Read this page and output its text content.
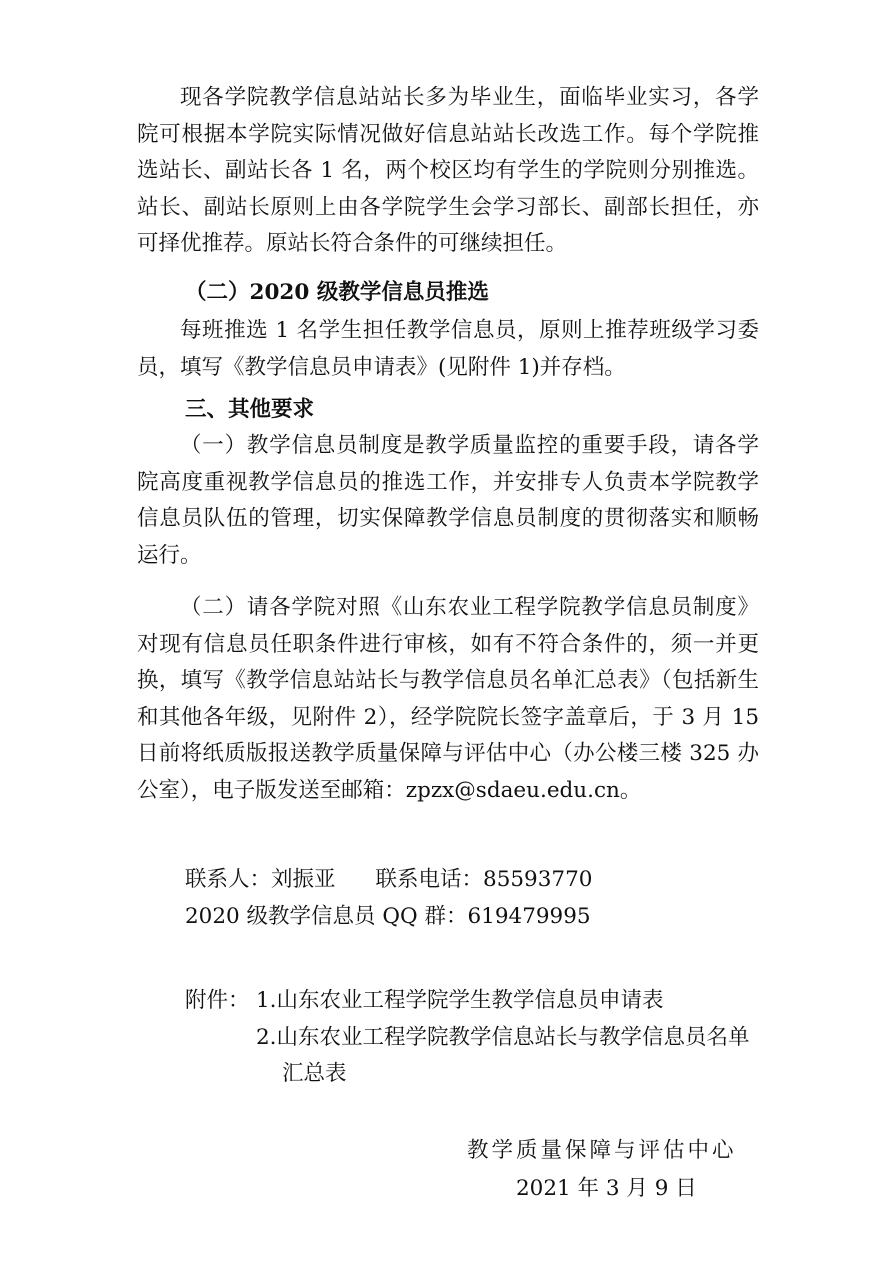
现各学院教学信息站站长多为毕业生，面临毕业实习，各学院可根据本学院实际情况做好信息站站长改选工作。每个学院推选站长、副站长各 1 名，两个校区均有学生的学院则分别推选。站长、副站长原则上由各学院学生会学习部长、副部长担任，亦可择优推荐。原站长符合条件的可继续担任。

（二）2020 级教学信息员推选

每班推选 1 名学生担任教学信息员，原则上推荐班级学习委员，填写《教学信息员申请表》(见附件 1)并存档。

三、其他要求

（一）教学信息员制度是教学质量监控的重要手段，请各学院高度重视教学信息员的推选工作，并安排专人负责本学院教学信息员队伍的管理，切实保障教学信息员制度的贯彻落实和顺畅运行。

（二）请各学院对照《山东农业工程学院教学信息员制度》对现有信息员任职条件进行审核，如有不符合条件的，须一并更换，填写《教学信息站站长与教学信息员名单汇总表》（包括新生和其他各年级，见附件 2），经学院院长签字盖章后，于 3 月 15 日前将纸质版报送教学质量保障与评估中心（办公楼三楼 325 办公室），电子版发送至邮箱：zpzx@sdaeu.edu.cn。

联系人：刘振亚 联系电话：85593770

2020 级教学信息员 QQ 群：619479995

附件： 1.山东农业工程学院学生教学信息员申请表
2.山东农业工程学院教学信息站长与教学信息员名单汇总表

教学质量保障与评估中心

2021 年 3 月 9 日
